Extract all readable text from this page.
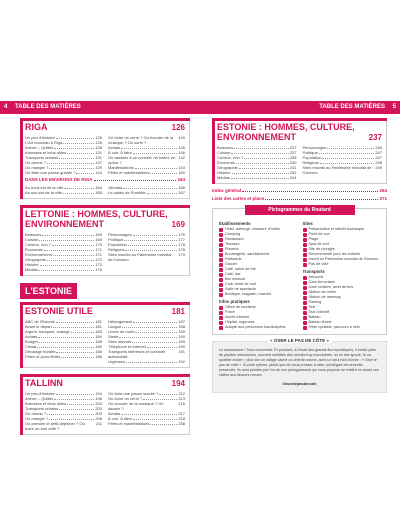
4 TABLE DES MATIÈRES	TABLE DES MATIÈRES 5
RIGA	126
Un peu d'histoire	126
L'Art nouveau à Riga	128
Arriver – Quitter	128
Adresses et infos utiles	131
Transports urbains	131
Où dormir ?	137
Où manger ?	139
Où faire une pause gustée ?	144
Où boire un verre ? Où écouter de la musique ? Où sortir ?
140
Achats	146
À voir. À faire	146
Où assister à un concert, un ballet, un opéra ?
142
Manifestations	143
Fêtes et manifestations	160
DANS LES ENVIRONS DE RIGA	164
Au nord-est de la ville	164
Au sud-est de la ville	165
Jūrmala	166
Le palais de Rundāle	167
LETTONIE : HOMMES, CULTURE, ENVIRONNEMENT	169
Boissons	169
Cuisine	169
Curieux, non ?	170
Économie	171
Environnement	171
Géographie	172
Histoire	173
Médias	176
Personnages	176
Politique	177
Population	178
Religions	178
Sites inscrits au Patrimoine mondial de l'Unesco
179
L'ESTONIE
ESTONIE UTILE	181
ABC de l'Estonie	181
Avant le départ	181
Argent, banques, change	183
Achats	184
Budget	185
Climat	185
Décalage horaire	186
Fêtes et jours fériés	186
Hébergement	187
Langue	188
Livres de route	189
Santé	190
Sites internet	190
Téléphone et internet	190
Transports intérieurs et conduite automobile
191
Urgences	192
TALLINN	194
Un peu d'histoire	194
Arriver – Quitter	196
Adresses et infos utiles	202
Transports urbains	203
Où dormir ?	203
Où manger ?	208
Où prendre le petit-déjeuner ? Où boire un bon café ?
211
Où faire une pause sucrée ?	212
Où boire un verre ?	213
Où écouter de la musique ? Où danser ?
216
Achats	217
À voir. À faire	218
Fêtes et manifestations	238
ESTONIE : HOMMES, CULTURE, ENVIRONNEMENT	237
Boissons	237
Cuisine	237
Curieux, non ?	238
Économie	240
Géographie	241
Histoire	242
Médias	244
Personnages	246
Politique	247
Population	247
Religions	248
Sites inscrits au Patrimoine mondial de l'Unesco
249
Index général	264
Liste des cartes et plans	271
Pictogrammes du Routard
Établissements
Hôtel, auberge, chambre d'hôtes
Camping
Restaurant
Terrasse
Pizzeria
Boulangerie, sandwicherie
Pâtisserie
Glacier
Café, salon de thé
Café, bar
Bar musical
Club, boîte de nuit
Salle de spectacle
Boutique, magasin, marché
Infos pratiques
Office de tourisme
Poste
Accès Internet
Hôpital, urgences
Adapté aux personnes handicapées
Sites
Présentation et intérêt touristique
Point de vue
Plage
Spot de surf
Site de plongée
Recommandé pour les enfants
Inscrit au Patrimoine mondial de l'Unesco
Pas de côté
Transports
Aéroport
Gare ferroviaire
Gare routière, arrêt de bus
Station de métro
Station de tramway
Parking
Taxi
Taxi collectif
Bateau
Bateau fluvial
Piste cyclable, parcours à vélo
« OSER LE PAS DE CÔTÉ »

Le surtourisme ! Tous concernés. Et pourtant, à l'écart des grands flux touristiques, il existe plein de pépites méconnues, souvent oubliées des circuits trop encombrés. Ici un site ignoré, là un quartier ancien ; plus loin un village caché ou chemin secret, avec un seul mot d'ordre : « Oser le pas de côté ». À votre rythme, plutôt que de vous presser à rater, privilégiez les endroits préservés. Ils sont pointés par l'un de nos pictogrammes qui vous propose de mettre en avant ces visites aux faveurs revues.

#osezlepasdecote
